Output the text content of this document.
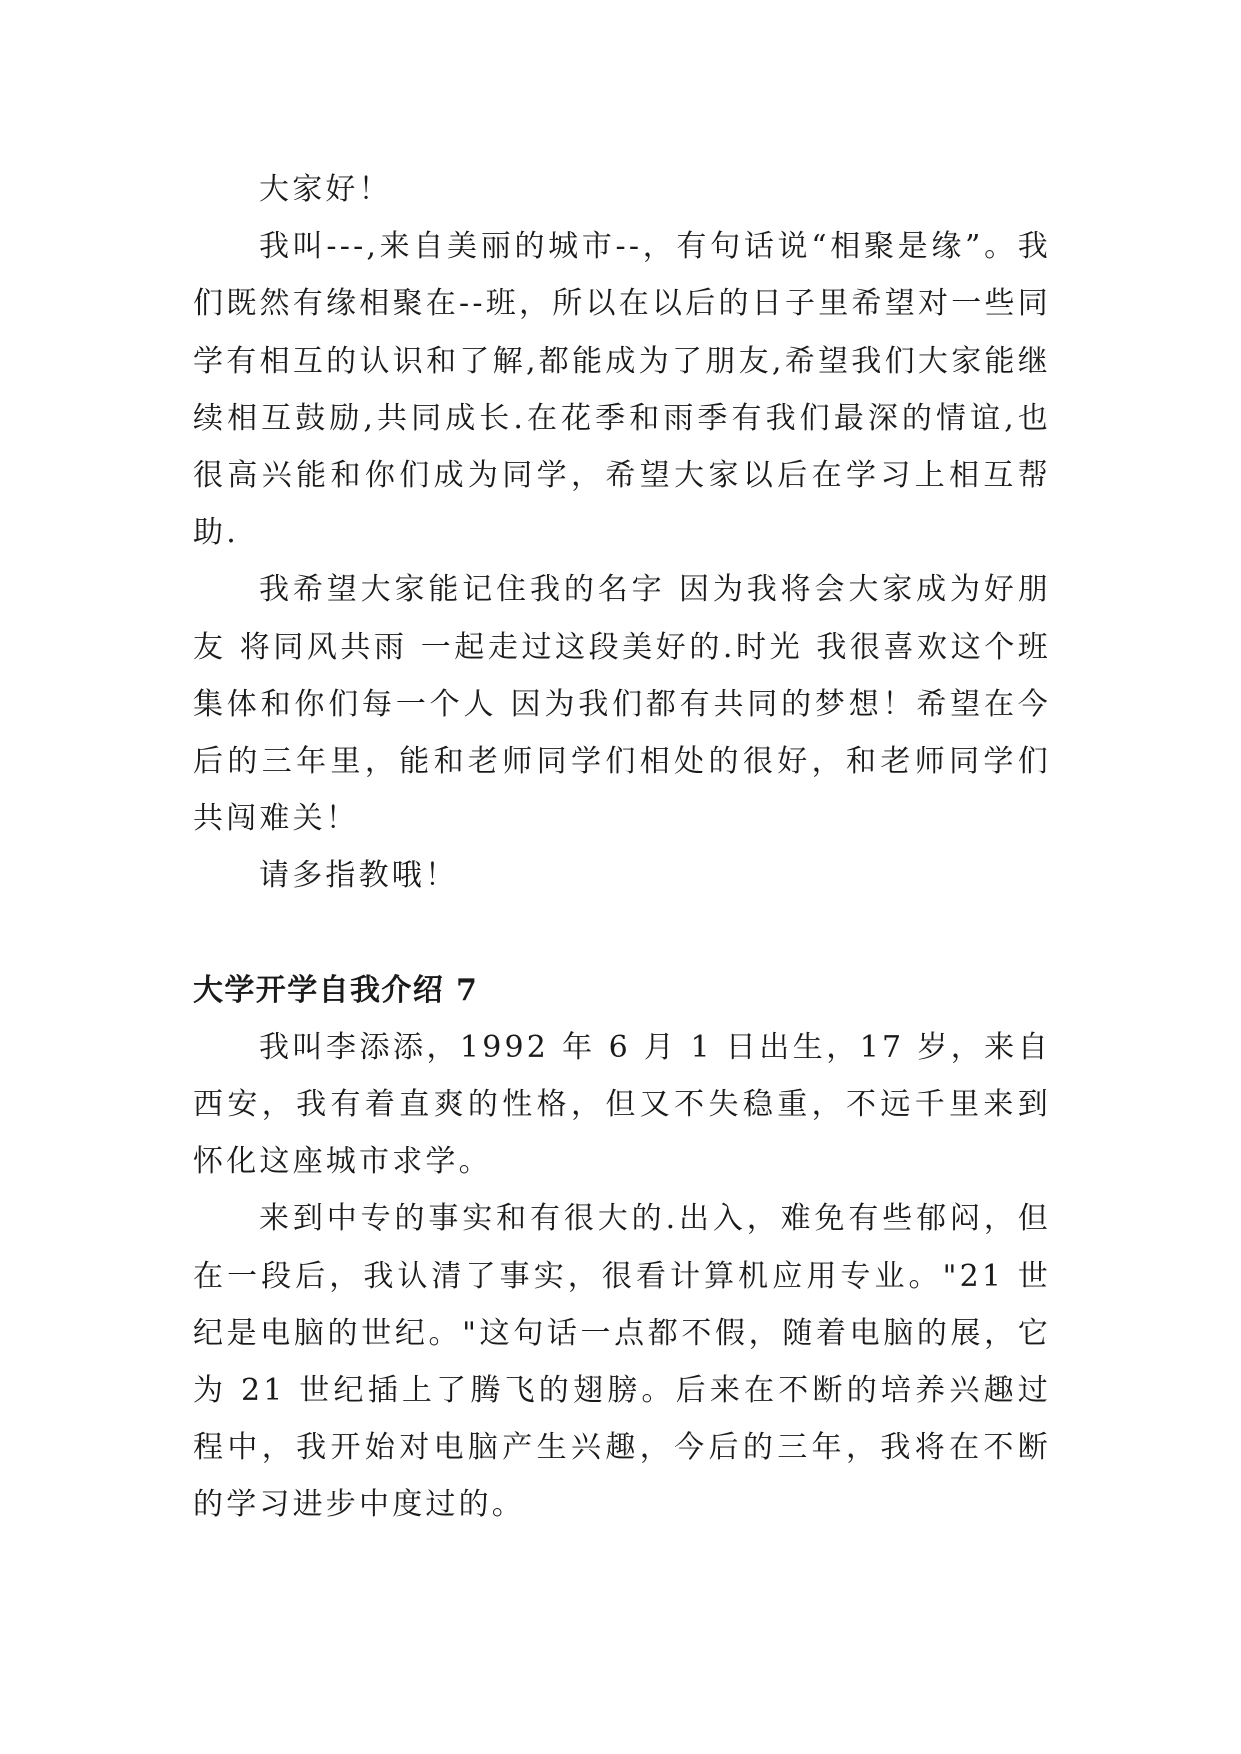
大家好！

我叫---,来自美丽的城市--，有句话说“相聚是缘”。我们既然有缘相聚在--班，所以在以后的日子里希望对一些同学有相互的认识和了解,都能成为了朋友,希望我们大家能继续相互鼓励,共同成长.在花季和雨季有我们最深的情谊,也很高兴能和你们成为同学，希望大家以后在学习上相互帮助.

我希望大家能记住我的名字 因为我将会大家成为好朋友 将同风共雨 一起走过这段美好的.时光 我很喜欢这个班集体和你们每一个人 因为我们都有共同的梦想！希望在今后的三年里，能和老师同学们相处的很好，和老师同学们共闯难关！

请多指教哦！

大学开学自我介绍 7

我叫李添添，1992 年 6 月 1 日出生，17 岁，来自西安，我有着直爽的性格，但又不失稳重，不远千里来到怀化这座城市求学。

来到中专的事实和有很大的.出入，难免有些郁闷，但在一段后，我认清了事实，很看计算机应用专业。"21 世纪是电脑的世纪。"这句话一点都不假，随着电脑的展，它为 21 世纪插上了腾飞的翅膀。后来在不断的培养兴趣过程中，我开始对电脑产生兴趣，今后的三年，我将在不断的学习进步中度过的。
